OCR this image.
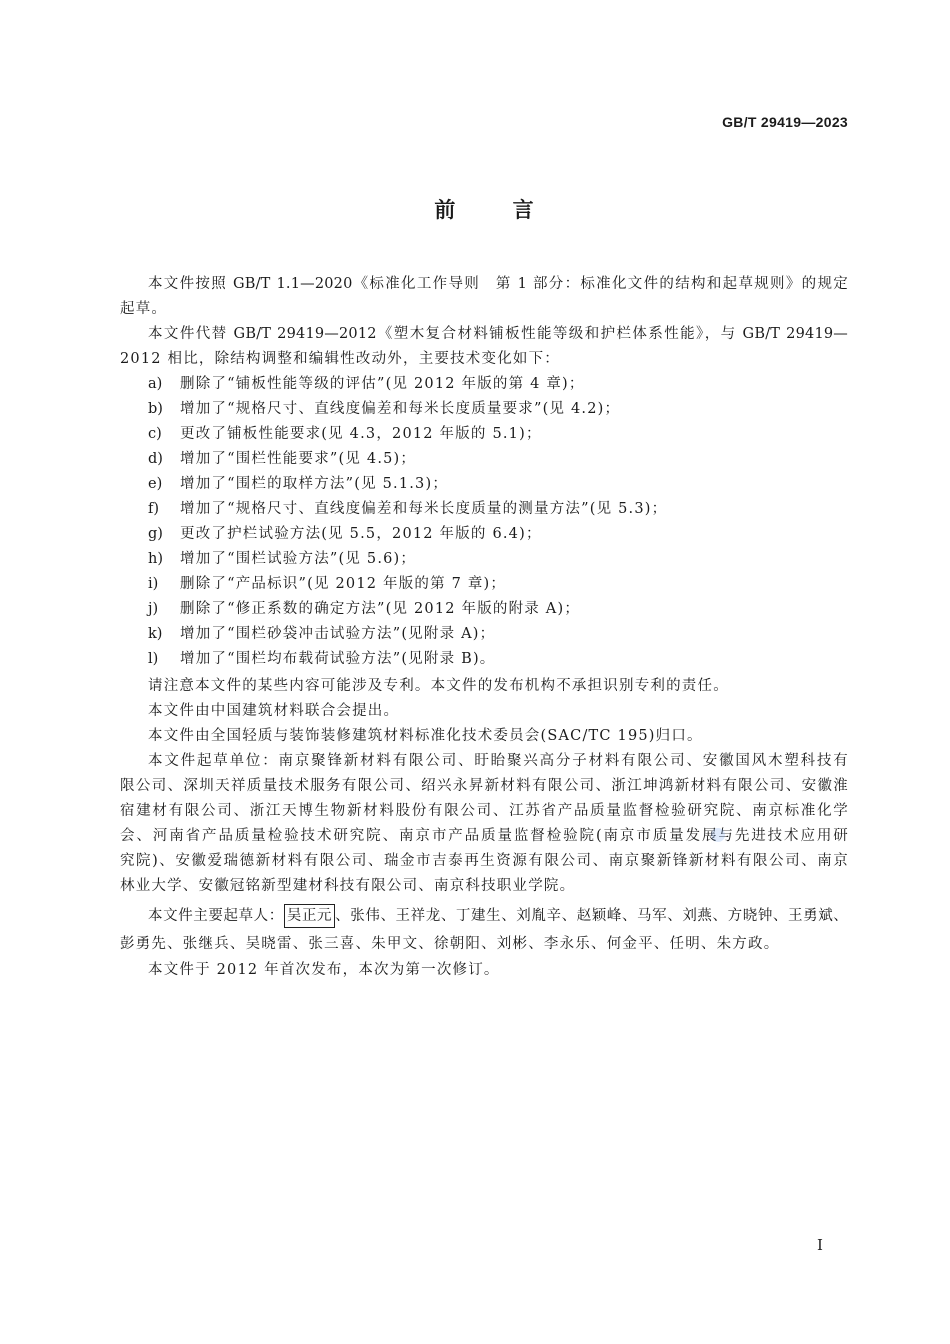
GB/T 29419—2023
前 言
本文件按照 GB/T 1.1—2020《标准化工作导则　第 1 部分：标准化文件的结构和起草规则》的规定
起草。
本文件代替 GB/T 29419—2012《塑木复合材料铺板性能等级和护栏体系性能》，与 GB/T 29419—
2012 相比，除结构调整和编辑性改动外，主要技术变化如下：
a) 删除了“铺板性能等级的评估”(见 2012 年版的第 4 章)；
b) 增加了“规格尺寸、直线度偏差和每米长度质量要求”(见 4.2)；
c) 更改了铺板性能要求(见 4.3，2012 年版的 5.1)；
d) 增加了“围栏性能要求”(见 4.5)；
e) 增加了“围栏的取样方法”(见 5.1.3)；
f) 增加了“规格尺寸、直线度偏差和每米长度质量的测量方法”(见 5.3)；
g) 更改了护栏试验方法(见 5.5，2012 年版的 6.4)；
h) 增加了“围栏试验方法”(见 5.6)；
i) 删除了“产品标识”(见 2012 年版的第 7 章)；
j) 删除了“修正系数的确定方法”(见 2012 年版的附录 A)；
k) 增加了“围栏砂袋冲击试验方法”(见附录 A)；
l) 增加了“围栏均布载荷试验方法”(见附录 B)。
请注意本文件的某些内容可能涉及专利。本文件的发布机构不承担识别专利的责任。
本文件由中国建筑材料联合会提出。
本文件由全国轻质与装饰装修建筑材料标准化技术委员会(SAC/TC 195)归口。
本文件起草单位：南京聚锋新材料有限公司、盱眙聚兴高分子材料有限公司、安徽国风木塑科技有
限公司、深圳天祥质量技术服务有限公司、绍兴永昇新材料有限公司、浙江坤鸿新材料有限公司、安徽淮
宿建材有限公司、浙江天博生物新材料股份有限公司、江苏省产品质量监督检验研究院、南京标准化学
会、河南省产品质量检验技术研究院、南京市产品质量监督检验院(南京市质量发展与先进技术应用研
究院)、安徽爱瑞德新材料有限公司、瑞金市吉泰再生资源有限公司、南京聚新锋新材料有限公司、南京
林业大学、安徽冠铭新型建材科技有限公司、南京科技职业学院。
本文件主要起草人： 吴正元 、张伟、王祥龙、丁建生、刘胤辛、赵颖峰、马军、刘燕、方晓钟、王勇斌、
彭勇先、张继兵、吴晓雷、张三喜、朱甲文、徐朝阳、刘彬、李永乐、何金平、任明、朱方政。
本文件于 2012 年首次发布，本次为第一次修订。
I
